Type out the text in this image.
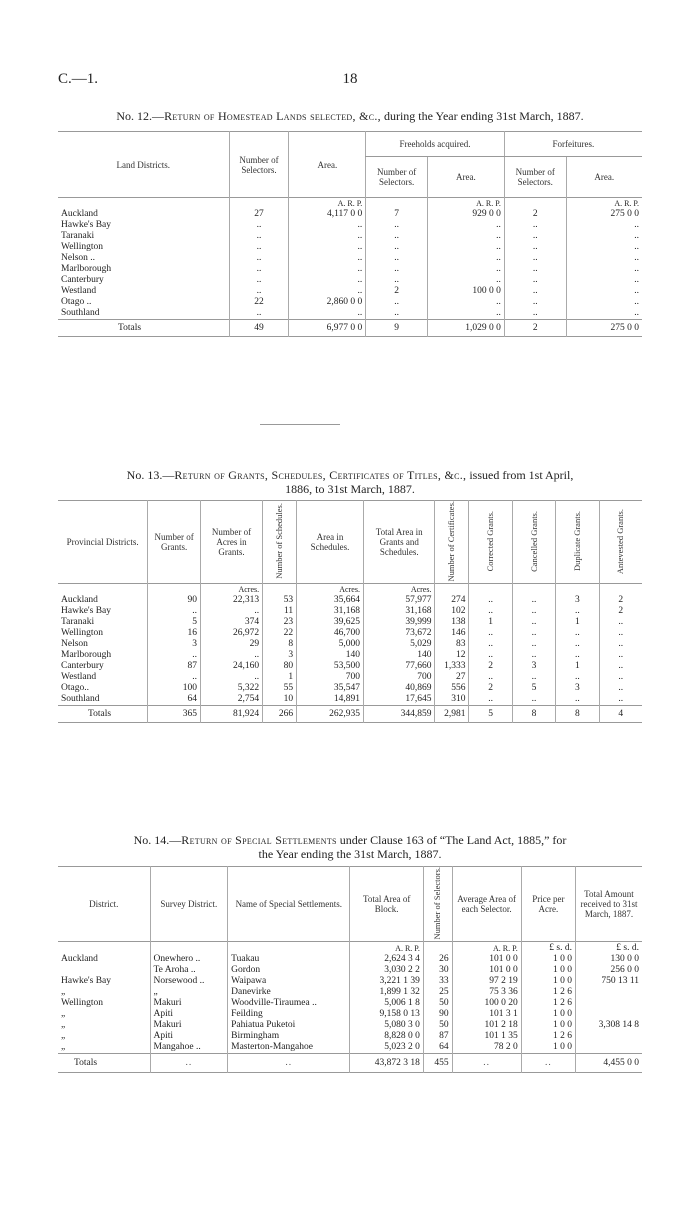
C.—1.	18
No. 12.—Return of Homestead Lands selected, &c., during the Year ending 31st March, 1887.
Land Districts.	Number of Selectors.	Area.	Freeholds acquired.		Forfeitures.	
			Number of Selectors.	Area.	Number of Selectors.	Area.
		A. R. P.		A. R. P.		A. R. P.
Auckland	27	4,117 0 0	7	929 0 0	2	275 0 0
Hawke's Bay	..	..	..	..	..	..
Taranaki	..	..	..	..	..	..
Wellington	..	..	..	..	..	..
Nelson ..	..	..	..	..	..	..
Marlborough	..	..	..	..	..	..
Canterbury	..	..	..	..	..	..
Westland	..	..	2	100 0 0	..	..
Otago ..	22	2,860 0 0	..	..	..	..
Southland	..	..	..	..	..	..
Totals	49	6,977 0 0	9	1,029 0 0	2	275 0 0
No. 13.—Return of Grants, Schedules, Certificates of Titles, &c., issued from 1st April,
1886, to 31st March, 1887.
Provincial Districts.	Number of Grants.	Number of Acres in Grants.	Number of Schedules.	Area in Schedules.	Total Area in Grants and Schedules.	Number of Certificates.	Corrected Grants.	Cancelled Grants.	Duplicate Grants.	Antevested Grants.
		Acres.		Acres.	Acres.					
Auckland	90	22,313	53	35,664	57,977	274	..	..	3	2
Hawke's Bay	..	..	11	31,168	31,168	102	..	..	..	2
Taranaki	5	374	23	39,625	39,999	138	1	..	1	..
Wellington	16	26,972	22	46,700	73,672	146	..	..	..	..
Nelson	3	29	8	5,000	5,029	83	..	..	..	..
Marlborough	..	..	3	140	140	12	..	..	..	..
Canterbury	87	24,160	80	53,500	77,660	1,333	2	3	1	..
Westland	..	..	1	700	700	27	..	..	..	..
Otago..	100	5,322	55	35,547	40,869	556	2	5	3	..
Southland	64	2,754	10	14,891	17,645	310	..	..	..	..
Totals	365	81,924	266	262,935	344,859	2,981	5	8	8	4
No. 14.—Return of Special Settlements under Clause 163 of “The Land Act, 1885,” for
the Year ending the 31st March, 1887.
District.	Survey District.	Name of Special Settlements.	Total Area of Block.	Number of Selectors.	Average Area of each Selector.	Price per Acre.	Total Amount received to 31st March, 1887.
			A. R. P.		A. R. P.	£ s. d.	£ s. d.
Auckland	Onewhero ..	Tuakau	2,624 3 4	26	101 0 0	1 0 0	130 0 0
	Te Aroha ..	Gordon	3,030 2 2	30	101 0 0	1 0 0	256 0 0
Hawke's Bay	Norsewood ..	Waipawa	3,221 1 39	33	97 2 19	1 0 0	750 13 11
„	„	Danevirke	1,899 1 32	25	75 3 36	1 2 6	
Wellington	Makuri	Woodville-Tiraumea ..	5,006 1 8	50	100 0 20	1 2 6	
„	Apiti	Feilding	9,158 0 13	90	101 3 1	1 0 0	
„	Makuri	Pahiatua Puketoi	5,080 3 0	50	101 2 18	1 0 0	3,308 14 8
„	Apiti	Birmingham	8,828 0 0	87	101 1 35	1 2 6	
„	Mangahoe ..	Masterton-Mangahoe	5,023 2 0	64	78 2 0	1 0 0	
Totals	..	..	43,872 3 18	455	..	..	4,455 0 0
